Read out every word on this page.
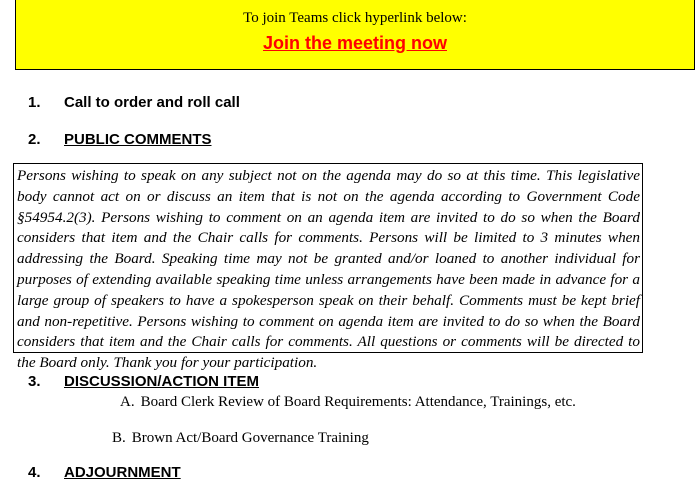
To join Teams click hyperlink below:
Join the meeting now
1. Call to order and roll call
2. PUBLIC COMMENTS
Persons wishing to speak on any subject not on the agenda may do so at this time. This legislative body cannot act on or discuss an item that is not on the agenda according to Government Code §54954.2(3). Persons wishing to comment on an agenda item are invited to do so when the Board considers that item and the Chair calls for comments. Persons will be limited to 3 minutes when addressing the Board. Speaking time may not be granted and/or loaned to another individual for purposes of extending available speaking time unless arrangements have been made in advance for a large group of speakers to have a spokesperson speak on their behalf. Comments must be kept brief and non-repetitive. Persons wishing to comment on agenda item are invited to do so when the Board considers that item and the Chair calls for comments. All questions or comments will be directed to the Board only. Thank you for your participation.
3. DISCUSSION/ACTION ITEM
A. Board Clerk Review of Board Requirements: Attendance, Trainings, etc.
B. Brown Act/Board Governance Training
4. ADJOURNMENT
